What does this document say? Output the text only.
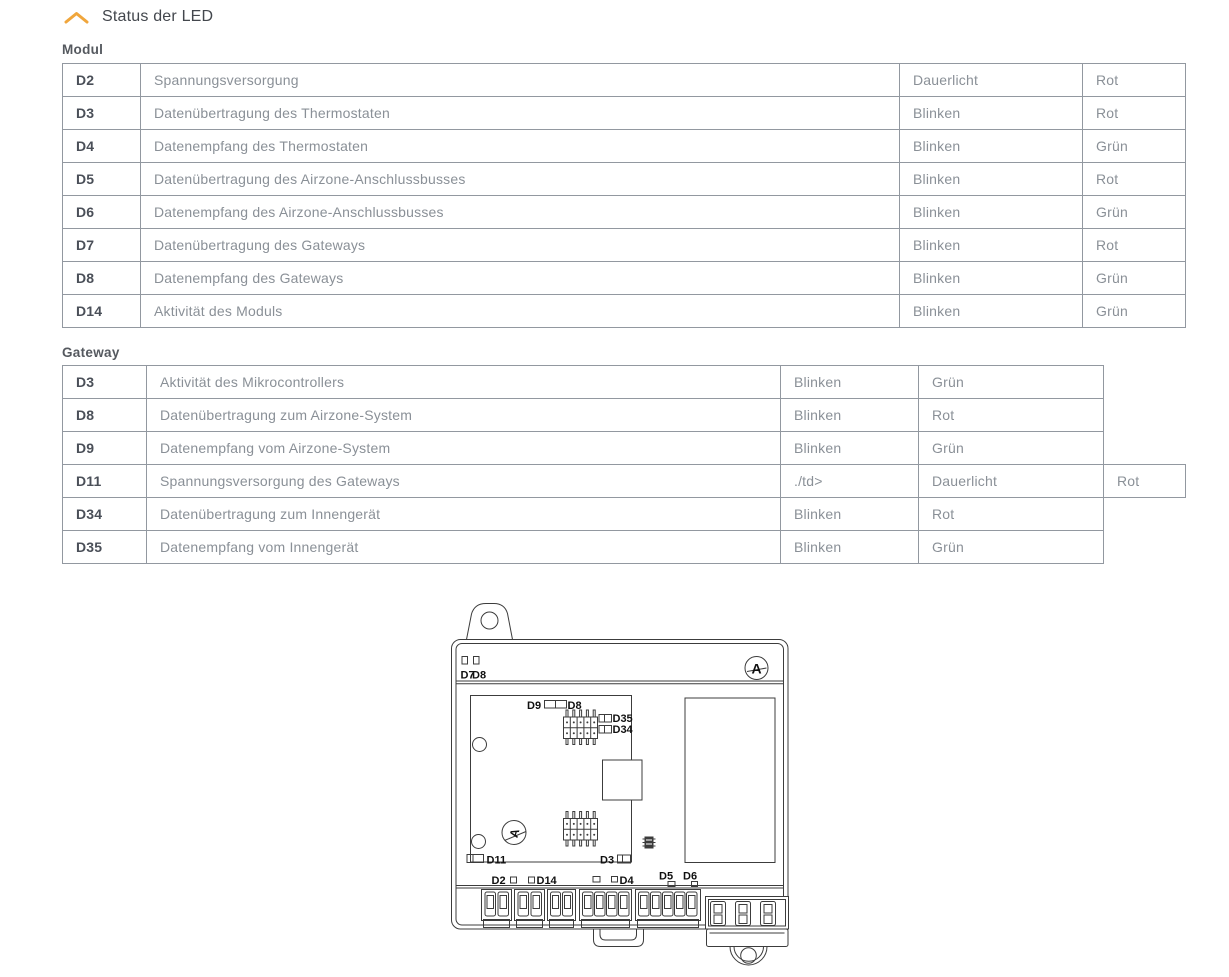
Status der LED
Modul
D2	Spannungsversorgung	Dauerlicht	Rot
D3	Datenübertragung des Thermostaten	Blinken	Rot
D4	Datenempfang des Thermostaten	Blinken	Grün
D5	Datenübertragung des Airzone-Anschlussbusses	Blinken	Rot
D6	Datenempfang des Airzone-Anschlussbusses	Blinken	Grün
D7	Datenübertragung des Gateways	Blinken	Rot
D8	Datenempfang des Gateways	Blinken	Grün
D14	Aktivität des Moduls	Blinken	Grün
Gateway
D3	Aktivität des Mikrocontrollers	Blinken	Grün
D8	Datenübertragung zum Airzone-System	Blinken	Rot
D9	Datenempfang vom Airzone-System	Blinken	Grün
D11	Spannungsversorgung des Gateways	./td>	Dauerlicht	Rot
D34	Datenübertragung zum Innengerät	Blinken	Rot
D35	Datenempfang vom Innengerät	Blinken	Grün
D7
D8
D9 D8
D35
D34
D11	D3
D2	D14	D4 D5 D6
A
A
